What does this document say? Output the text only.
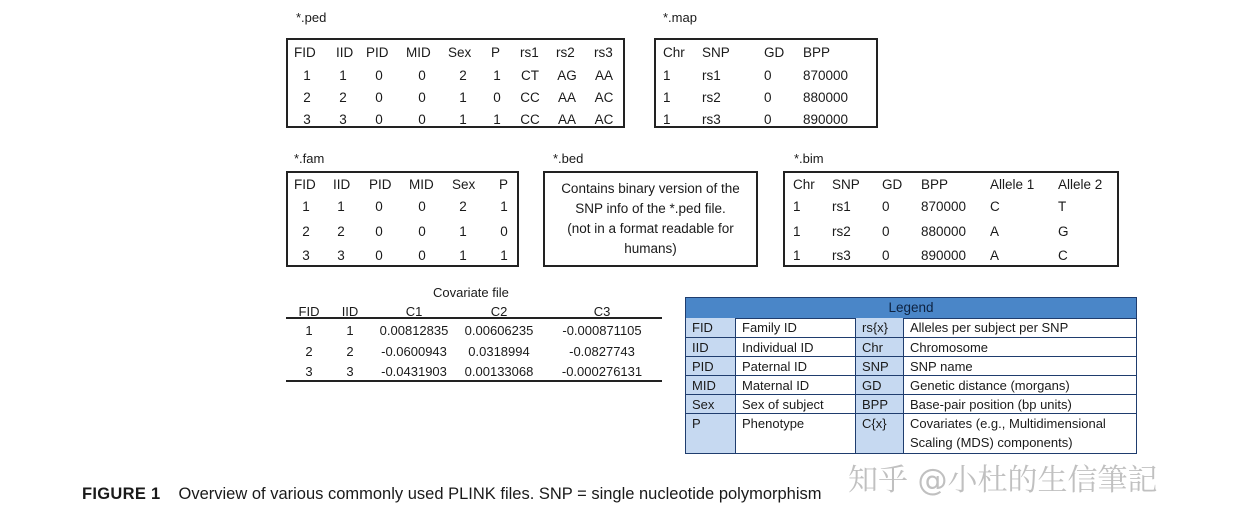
*.ped
FID IID PID MID Sex P rs1 rs2 rs3
1 1 0	0 2 1 CT AG AA
2 2 0	0 1 0 CC AA AC
3 3 0	0 1 1 CC AA AC
*.map
Chr SNP	GD BPP
1 rs1	0 870000
1 rs2	0 880000
1 rs3	0 890000
*.fam
FID IID PID MID Sex P
1 1 0	0 2 1
2 2 0	0 1 0
3 3 0	0 1 1
*.bed
Contains binary version of the
SNP info of the *.ped file.
(not in a format readable for
humans)
*.bim
Chr SNP GD BPP	Allele 1 Allele 2
1 rs1 0 870000 C	T
1 rs2 0 880000 A	G
1 rs3 0 890000 A	C
Covariate file
FID IID	C1	C2	C3
1	1 0.00812835 0.00606235 -0.000871105
2	2 -0.0600943 0.0318994	-0.0827743
3	3 -0.0431903 0.00133068 -0.000276131
Legend
FID	Family ID	rs{x}	Alleles per subject per SNP
IID	Individual ID	Chr	Chromosome
PID	Paternal ID	SNP	SNP name
MID	Maternal ID	GD	Genetic distance (morgans)
Sex	Sex of subject	BPP	Base-pair position (bp units)
P	Phenotype	C{x}	Covariates (e.g., Multidimensional Scaling (MDS) components)
FIGURE 1 Overview of various commonly used PLINK files. SNP = single nucleotide polymorphism 知乎 @小杜的生信筆記
